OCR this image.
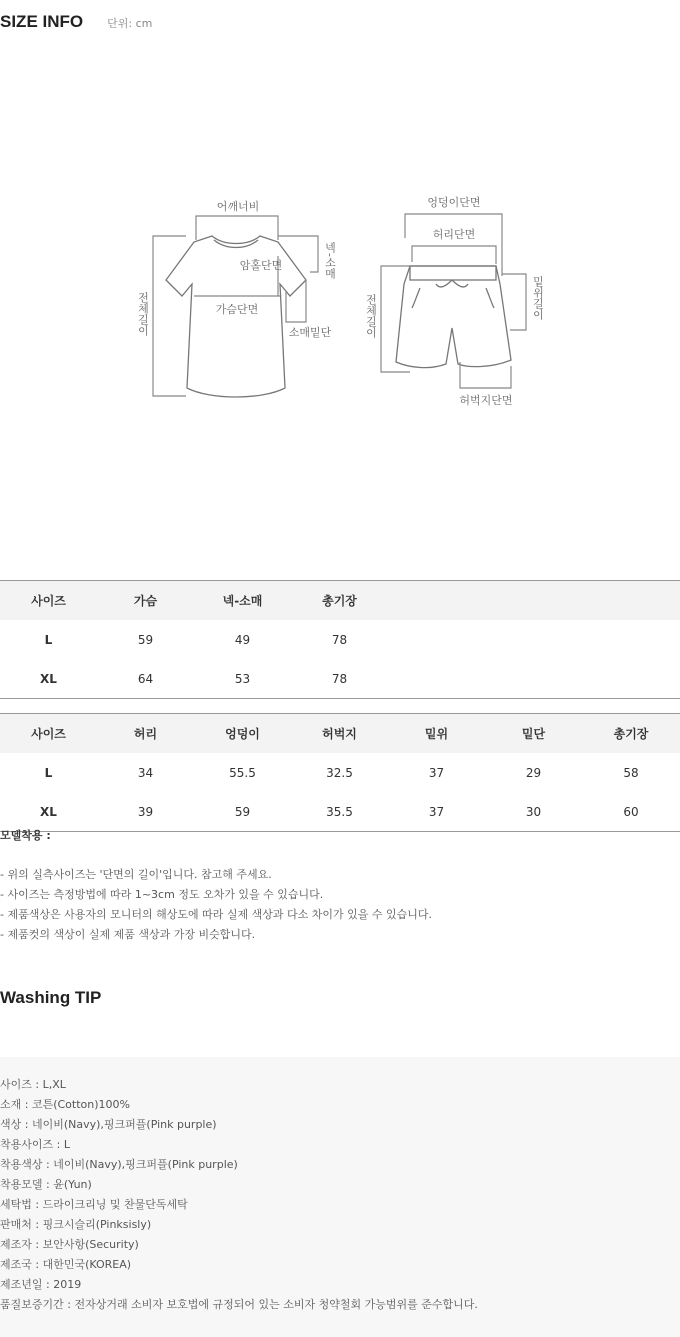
SIZE INFO 단위: cm
어깨너비
넥-소매
암홀단면
가슴단면
전체길이	소매밑단
엉덩이단면
허리단면
전체길이	밑위길이
허벅지단면
사이즈	가슴	넥-소매	총기장	
L	59	49	78	
XL	64	53	78	
사이즈	허리	엉덩이	허벅지	밑위	밑단	총기장
L	34	55.5	32.5	37	29	58
XL	39	59	35.5	37	30	60
모델착용 :
- 위의 실측사이즈는 '단면의 길이'입니다. 참고해 주세요.
- 사이즈는 측정방법에 따라 1~3cm 정도 오차가 있을 수 있습니다.
- 제품색상은 사용자의 모니터의 해상도에 따라 실제 색상과 다소 차이가 있을 수 있습니다.
- 제품컷의 색상이 실제 제품 색상과 가장 비슷합니다.
Washing TIP
사이즈 : L,XL
소재 : 코튼(Cotton)100%
색상 : 네이비(Navy),핑크퍼플(Pink purple)
착용사이즈 : L
착용색상 : 네이비(Navy),핑크퍼플(Pink purple)
착용모델 : 윤(Yun)
세탁법 : 드라이크리닝 및 찬물단독세탁
판매처 : 핑크시슬리(Pinksisly)
제조자 : 보안사항(Security)
제조국 : 대한민국(KOREA)
제조년일 : 2019
품질보증기간 : 전자상거래 소비자 보호법에 규정되어 있는 소비자 청약철회 가능범위를 준수합니다.
